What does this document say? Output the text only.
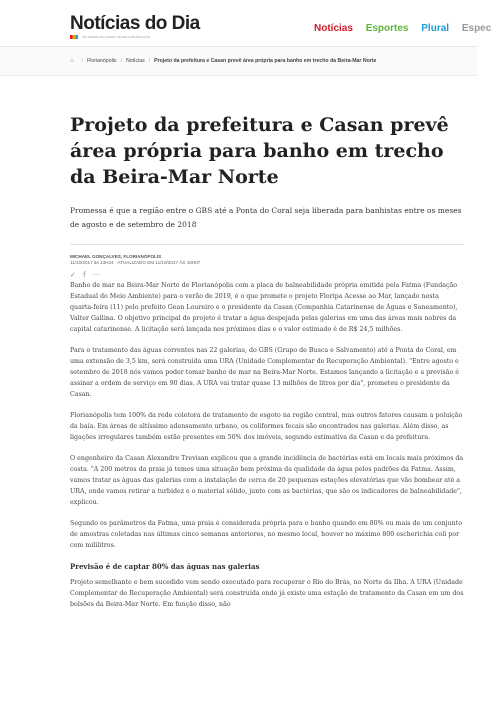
Notícias do Dia
UM JORNAL DO GRUPO ND DE COMUNICAÇÃO
Notícias Esportes Plural Espec
⌂ / Florianópolis / Notícias / Projeto da prefeitura e Casan prevê área própria para banho em trecho da Beira-Mar Norte
Projeto da prefeitura e Casan prevê área própria para banho em trecho da Beira-Mar Norte
Promessa é que a região entre o GBS até a Ponta do Coral seja liberada para banhistas entre os meses de agosto e de setembro de 2018
MICHAEL GONÇALVES, FLORIANÓPOLIS
11/10/2017 às 13H24 · ATUALIZADO EM 11/10/2017 ÀS 18H07
✓ f ···

Banho de mar na Beira-Mar Norte de Florianópolis com a placa de balneabilidade própria emitida pela Fatma (Fundação Estadual do Meio Ambiente) para o verão de 2019, é o que promete o projeto Floripa Acesse ao Mar, lançado nesta quarta-feira (11) pelo prefeito Gean Loureiro e o presidente da Casan (Companhia Catarinense de Águas e Saneamento), Valter Gallina. O objetivo principal do projeto é tratar a água despejada pelas galerias em uma das áreas mais nobres da capital catarinense. A licitação será lançada nos próximos dias e o valor estimado é de R$ 24,5 milhões.

Para o tratamento das águas correntes nas 22 galerias, do GBS (Grupo de Busca e Salvamento) até a Ponta do Coral, em uma extensão de 3,5 km, será construída uma URA (Unidade Complementar de Recuperação Ambiental). "Entre agosto e setembro de 2018 nós vamos poder tomar banho de mar na Beira-Mar Norte. Estamos lançando a licitação e a previsão é assinar a ordem de serviço em 90 dias. A URA vai tratar quase 13 milhões de litros por dia", prometeu o presidente da Casan.

Florianópolis tem 100% da rede coletora de tratamento de esgoto na região central, mas outros fatores causam a poluição da baía. Em áreas de altíssimo adensamento urbano, os coliformes fecais são encontrados nas galerias. Além disso, as ligações irregulares também estão presentes em 50% dos imóveis, segundo estimativa da Casan e da prefeitura.

O engenheiro da Casan Alexandre Trevisan explicou que a grande incidência de bactérias está em locais mais próximos da costa. "A 200 metros da praia já temos uma situação bem próxima da qualidade da água pelos padrões da Fatma. Assim, vamos tratar as águas das galerias com a instalação de cerca de 20 pequenas estações elevatórias que vão bombear até a URA, onde vamos retirar a turbidez e o material sólido, junto com as bactérias, que são os indicadores de balneabilidade", explicou.

Segundo os parâmetros da Fatma, uma praia é considerada própria para o banho quando em 80% ou mais de um conjunto de amostras coletadas nas últimas cinco semanas anteriores, no mesmo local, houver no máximo 800 escherichia coli por cem mililitros.

Previsão é de captar 80% das águas nas galerias

Projeto semelhante e bem sucedido vem sendo executado para recuperar o Rio do Brás, no Norte da Ilha. A URA (Unidade Complementar de Recuperação Ambiental) será construída onde já existe uma estação de tratamento da Casan em um dos bolsões da Beira-Mar Norte. Em função disso, não
